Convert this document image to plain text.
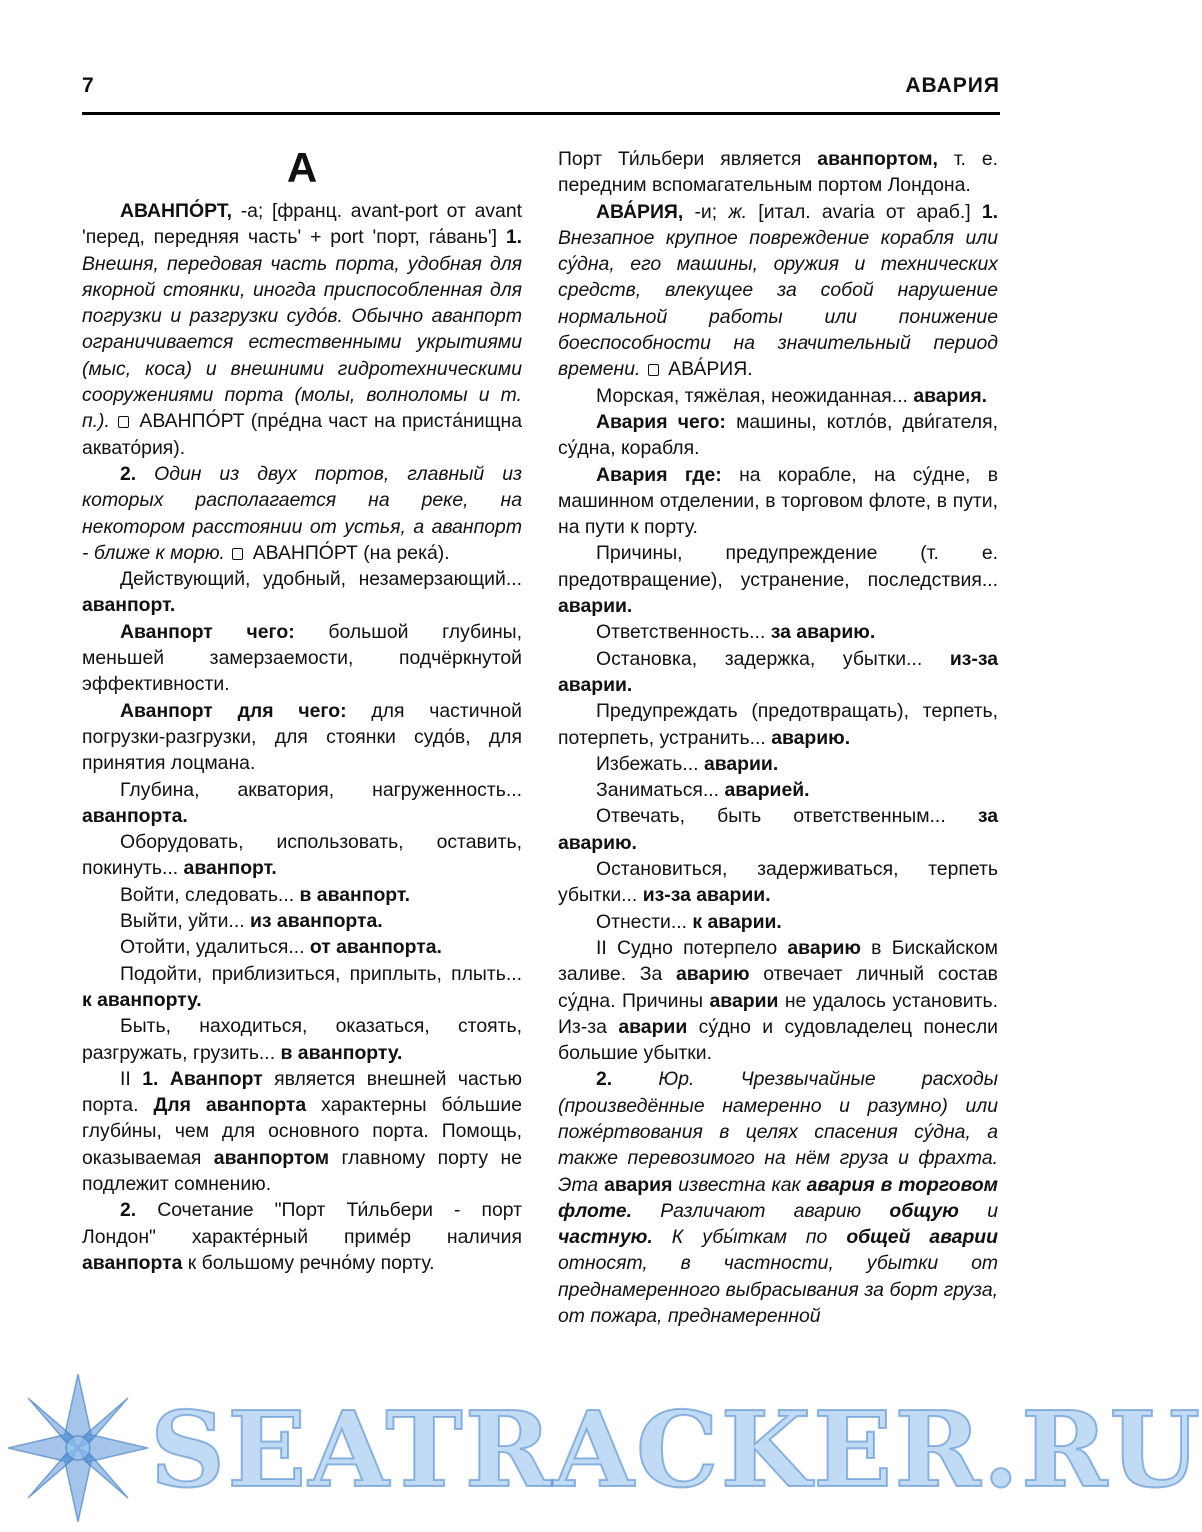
7	АВАРИЯ

А

АВАНПО́РТ, -а; [франц. avant-port от avant 'перед, передняя часть' + port 'порт, га́вань'] 1. Внешня, передовая часть порта, удобная для якорной стоянки, иногда приспособленная для погрузки и разгрузки судо́в. Обычно аванпорт ограничивается естественными укрытиями (мыс, коса) и внешними гидротехническими сооружениями порта (молы, волноломы и т. п.).  АВАНПО́РТ (пре́дна част на приста́нищна аквато́рия).

2. Один из двух портов, главный из которых располагается на реке, на некотором расстоянии от устья, а аванпорт - ближе к морю.  АВАНПО́РТ (на река́).

Действующий, удобный, незамерзающий... аванпорт.

Аванпорт чего: большой глубины, меньшей замерзаемости, подчёркнутой эффективности.

Аванпорт для чего: для частичной погрузки-разгрузки, для стоянки судо́в, для принятия лоцмана.

Глубина, акватория, нагруженность... аванпорта.

Оборудовать, использовать, оставить, покинуть... аванпорт.

Войти, следовать... в аванпорт.

Выйти, уйти... из аванпорта.

Отойти, удалиться... от аванпорта.

Подойти, приблизиться, приплыть, плыть... к аванпорту.

Быть, находиться, оказаться, стоять, разгружать, грузить... в аванпорту.

II 1. Аванпорт является внешней частью порта. Для аванпорта характерны бо́льшие глуби́ны, чем для основного порта. Помощь, оказываемая аванпортом главному порту не подлежит сомнению.

2. Сочетание "Порт Ти́льбери - порт Лондон" характе́рный приме́р наличия аванпорта к большому речно́му порту.

Порт Ти́льбери является аванпортом, т. е. передним вспомагательным портом Лондона.

АВА́РИЯ, -и; ж. [итал. avaria от араб.] 1. Внезапное крупное повреждение корабля или су́дна, его машины, оружия и технических средств, влекущее за собой нарушение нормальной работы или понижение боеспособности на значительный период времени.  АВА́РИЯ.

Морская, тяжёлая, неожиданная... авария.

Авария чего: машины, котло́в, дви́гателя, су́дна, корабля.

Авария где: на корабле, на су́дне, в машинном отделении, в торговом флоте, в пути, на пути к порту.

Причины, предупреждение (т. е. предотвращение), устранение, последствия... аварии.

Ответственность... за аварию.

Остановка, задержка, убытки... из-за аварии.

Предупреждать (предотвращать), терпеть, потерпеть, устранить... аварию.

Избежать... аварии.

Заниматься... аварией.

Отвечать, быть ответственным... за аварию.

Остановиться, задерживаться, терпеть убытки... из-за аварии.

Отнести... к аварии.

II Судно потерпело аварию в Бискайском заливе. За аварию отвечает личный состав су́дна. Причины аварии не удалось установить. Из-за аварии су́дно и судовладелец понесли большие убытки.

2. Юр. Чрезвычайные расходы (произведённые намеренно и разумно) или поже́ртвования в целях спасения су́дна, а также перевозимого на нём груза и фрахта. Эта авария известна как авария в торговом флоте. Различают аварию общую и частную. К убы́ткам по общей аварии относят, в частности, убытки от преднамеренного выбрасывания за борт груза, от пожара, преднамеренной

SEATRACKER.RU
